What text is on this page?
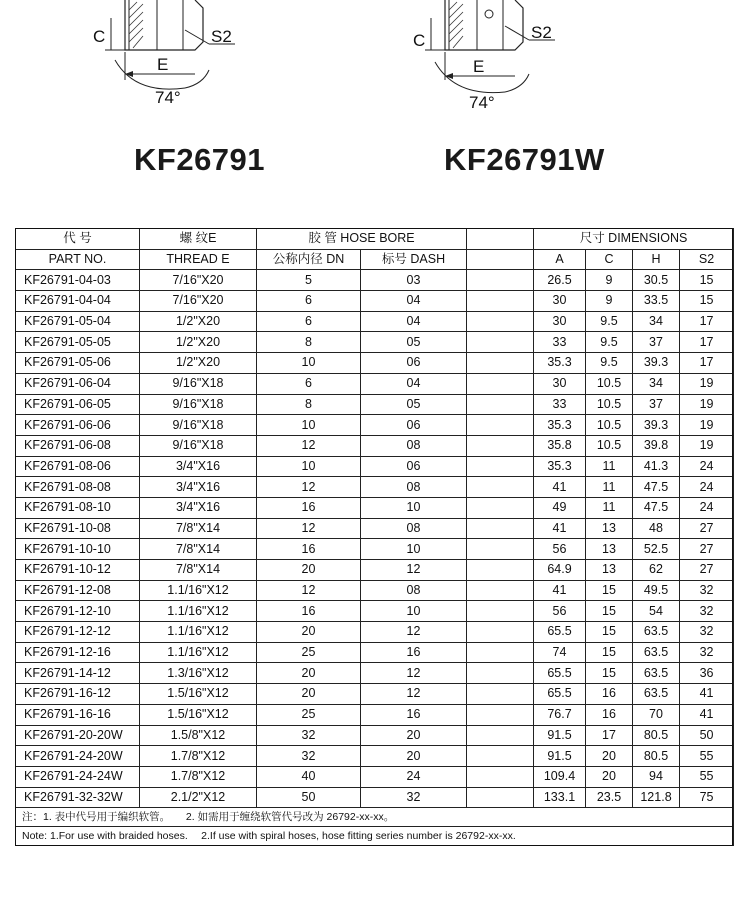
C	S2
E
74°
C	S2
E
74°
KF26791	KF26791W
代 号	螺 纹E	胶 管 HOSE BORE			尺寸 DIMENSIONS			
PART NO.	THREAD E	公称内径 DN	标号 DASH		A	C	H	S2
KF26791-04-03	7/16"X20	5	03		26.5	9	30.5	15
KF26791-04-04	7/16"X20	6	04		30	9	33.5	15
KF26791-05-04	1/2"X20	6	04		30	9.5	34	17
KF26791-05-05	1/2"X20	8	05		33	9.5	37	17
KF26791-05-06	1/2"X20	10	06		35.3	9.5	39.3	17
KF26791-06-04	9/16"X18	6	04		30	10.5	34	19
KF26791-06-05	9/16"X18	8	05		33	10.5	37	19
KF26791-06-06	9/16"X18	10	06		35.3	10.5	39.3	19
KF26791-06-08	9/16"X18	12	08		35.8	10.5	39.8	19
KF26791-08-06	3/4"X16	10	06		35.3	11	41.3	24
KF26791-08-08	3/4"X16	12	08		41	11	47.5	24
KF26791-08-10	3/4"X16	16	10		49	11	47.5	24
KF26791-10-08	7/8"X14	12	08		41	13	48	27
KF26791-10-10	7/8"X14	16	10		56	13	52.5	27
KF26791-10-12	7/8"X14	20	12		64.9	13	62	27
KF26791-12-08	1.1/16"X12	12	08		41	15	49.5	32
KF26791-12-10	1.1/16"X12	16	10		56	15	54	32
KF26791-12-12	1.1/16"X12	20	12		65.5	15	63.5	32
KF26791-12-16	1.1/16"X12	25	16		74	15	63.5	32
KF26791-14-12	1.3/16"X12	20	12		65.5	15	63.5	36
KF26791-16-12	1.5/16"X12	20	12		65.5	16	63.5	41
KF26791-16-16	1.5/16"X12	25	16		76.7	16	70	41
KF26791-20-20W	1.5/8"X12	32	20		91.5	17	80.5	50
KF26791-24-20W	1.7/8"X12	32	20		91.5	20	80.5	55
KF26791-24-24W	1.7/8"X12	40	24		109.4	20	94	55
KF26791-32-32W	2.1/2"X12	50	32		133.1	23.5	121.8	75
注：1. 表中代号用于编织软管。　　2. 如需用于缠绕软管代号改为 26792-xx-xx。								
Note: 1.For use with braided hoses.　 2.If use with spiral hoses, hose fitting series number is 26792-xx-xx.								
